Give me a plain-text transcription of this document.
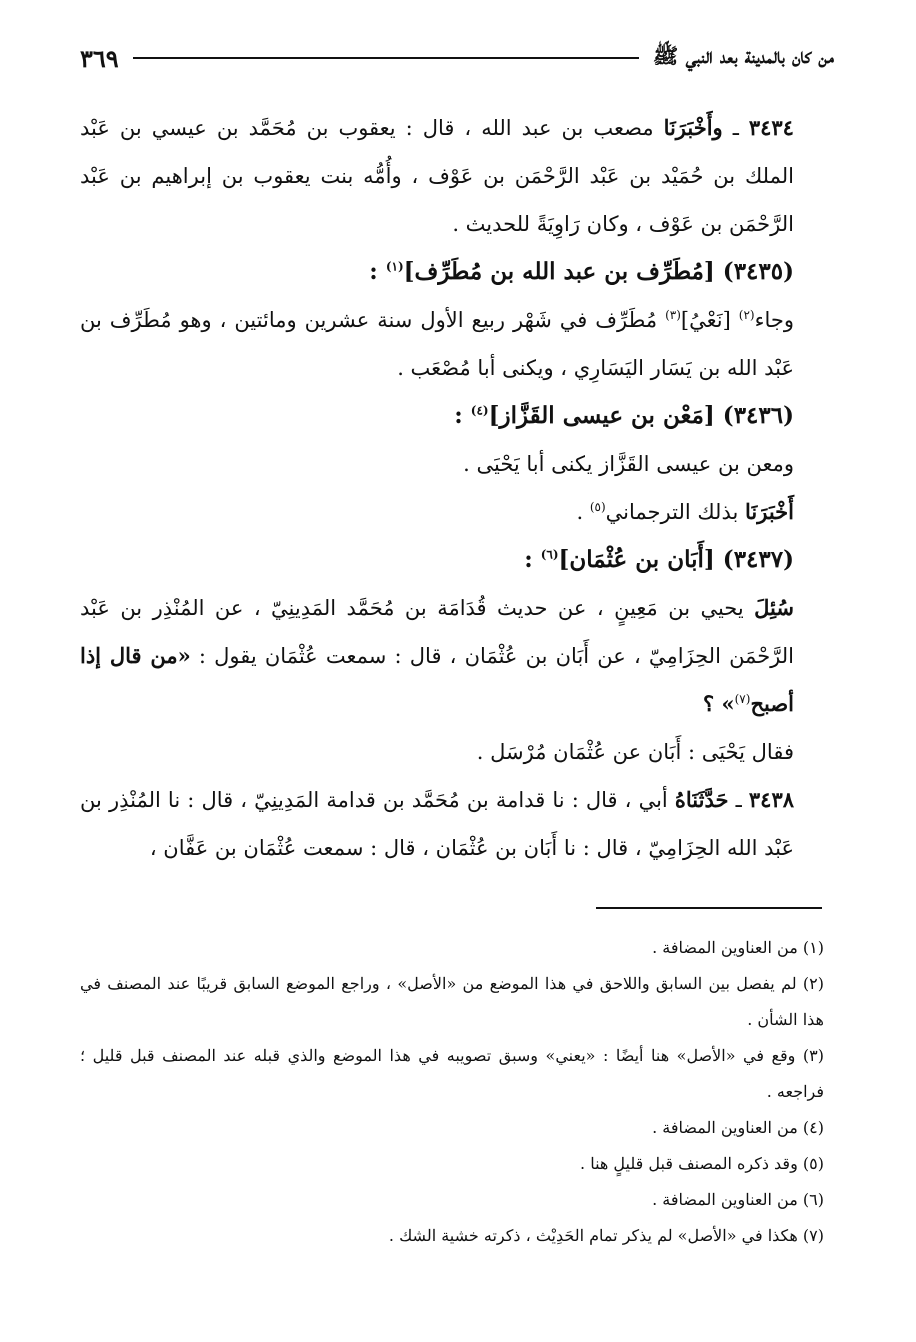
من كان بالمدينة بعد النبي ﷺ
٣٦٩

٣٤٣٤ ـ وأَخْبَرَنَا مصعب بن عبد الله ، قال : يعقوب بن مُحَمَّد بن عيسي بن عَبْد الملك بن حُمَيْد بن عَبْد الرَّحْمَن بن عَوْف ، وأُمُّه بنت يعقوب بن إبراهيم بن عَبْد الرَّحْمَن بن عَوْف ، وكان رَاوِيَةً للحديث .

(٣٤٣٥) [مُطَرِّف بن عبد الله بن مُطَرِّف]$^{(١)}$ :

وجاء$^{(٢)}$ [نَعْيُ]$^{(٣)}$ مُطَرِّف في شَهْر ربيع الأول سنة عشرين ومائتين ، وهو مُطَرِّف بن عَبْد الله بن يَسَار اليَسَارِي ، ويكنى أبا مُصْعَب .

(٣٤٣٦) [مَعْن بن عيسى القَزَّاز]$^{(٤)}$ :

ومعن بن عيسى القَزَّاز يكنى أبا يَحْيَى .

أَخْبَرَنَا بذلك الترجماني$^{(٥)}$ .

(٣٤٣٧) [أَبَان بن عُثْمَان]$^{(٦)}$ :

سُئِلَ يحيي بن مَعِينٍ ، عن حديث قُدَامَة بن مُحَمَّد المَدِينِيّ ، عن المُنْذِر بن عَبْد الرَّحْمَن الحِزَامِيّ ، عن أَبَان بن عُثْمَان ، قال : سمعت عُثْمَان يقول : «من قال إذا أصبح$^{(٧)}$» ؟

فقال يَحْيَى : أَبَان عن عُثْمَان مُرْسَل .

٣٤٣٨ ـ حَدَّثَنَاهُ أبي ، قال : نا قدامة بن مُحَمَّد بن قدامة المَدِينِيّ ، قال : نا المُنْذِر بن عَبْد الله الحِزَامِيّ ، قال : نا أَبَان بن عُثْمَان ، قال : سمعت عُثْمَان بن عَفَّان ،

(١) من العناوين المضافة .

(٢) لم يفصل بين السابق واللاحق في هذا الموضع من «الأصل» ، وراجع الموضع السابق قريبًا عند المصنف في هذا الشأن .

(٣) وقع في «الأصل» هنا أيضًا : «يعني» وسبق تصويبه في هذا الموضع والذي قبله عند المصنف قبل قليل ؛ فراجعه .

(٤) من العناوين المضافة .

(٥) وقد ذكره المصنف قبل قليلٍ هنا .

(٦) من العناوين المضافة .

(٧) هكذا في «الأصل» لم يذكر تمام الحَدِيْث ، ذكرته خشية الشك .
